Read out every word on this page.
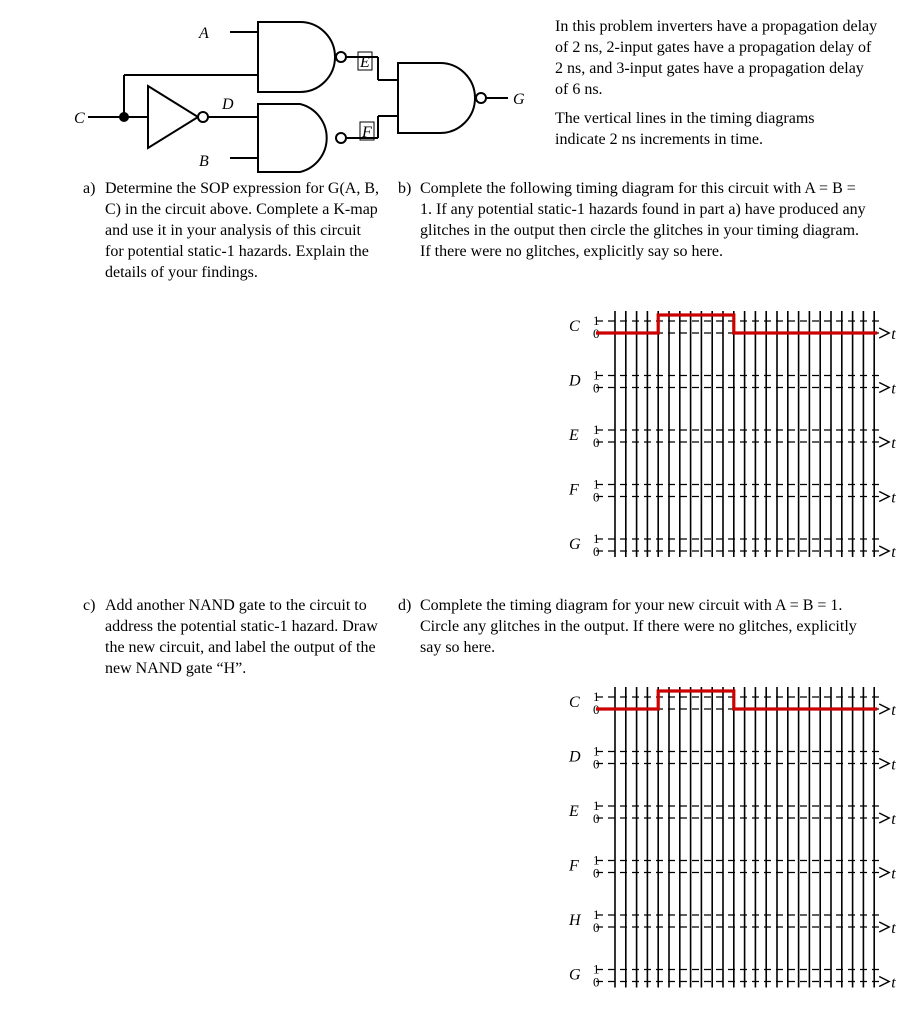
A
B
C
D
E
F
G
In this problem inverters have a propagation delay of 2 ns, 2-input gates have a propagation delay of 2 ns, and 3-input gates have a propagation delay of 6 ns.
The vertical lines in the timing diagrams indicate 2 ns increments in time.
a) Determine the SOP expression for G(A, B, C) in the circuit above. Complete a K-map and use it in your analysis of this circuit for potential static-1 hazards. Explain the details of your findings.
b) Complete the following timing diagram for this circuit with A = B = 1. If any potential static-1 hazards found in part a) have produced any glitches in the output then circle the glitches in your timing diagram. If there were no glitches, explicitly say so here.
c) Add another NAND gate to the circuit to address the potential static-1 hazard. Draw the new circuit, and label the output of the new NAND gate “H”.
d) Complete the timing diagram for your new circuit with A = B = 1. Circle any glitches in the output. If there were no glitches, explicitly say so here.
C 1
0	t
D 1
0	t
E 1
0	t
F 1
0	t
G 1
0	t
C 1
0	t
D 1
0	t
E 1
0	t
F 1
0	t
H 1
0	t
G 1
0	t
